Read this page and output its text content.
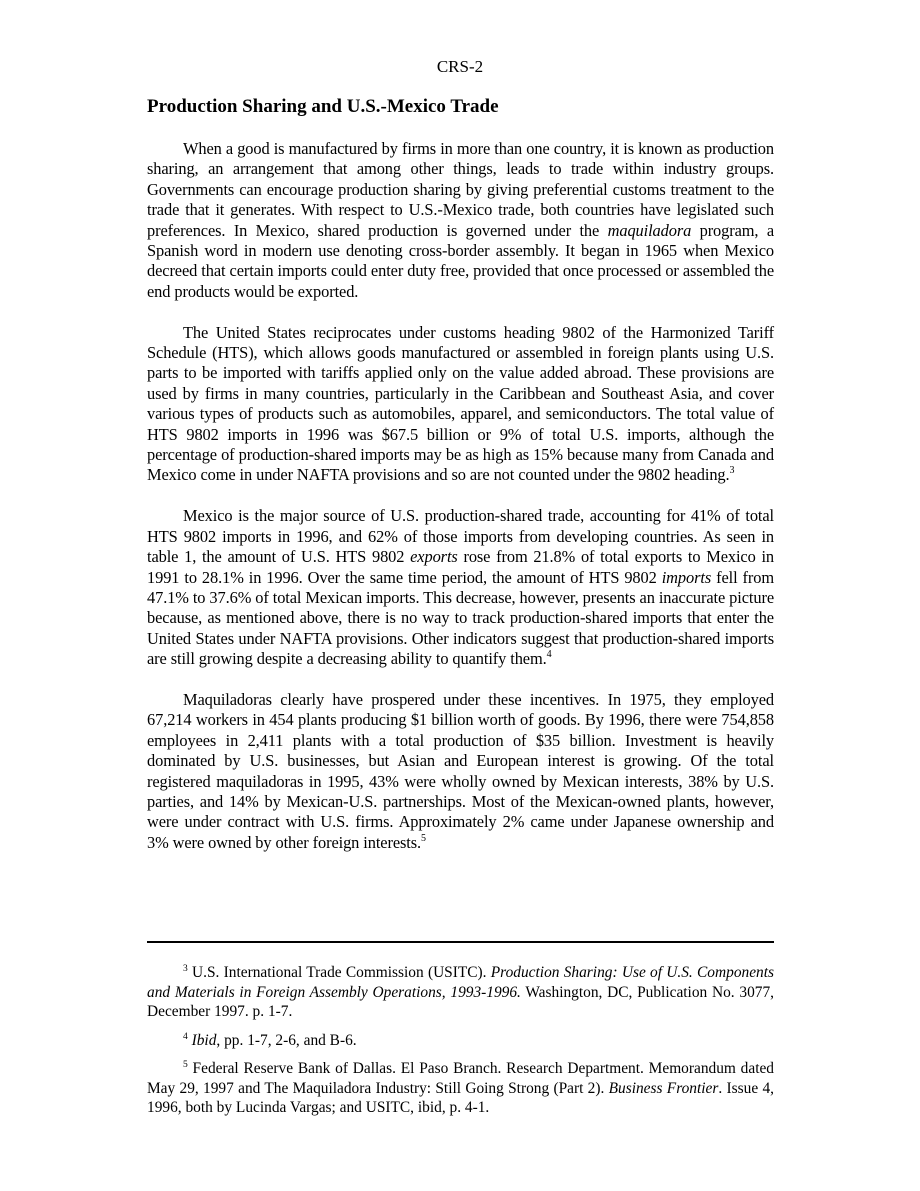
CRS-2
Production Sharing and U.S.-Mexico Trade

When a good is manufactured by firms in more than one country, it is known as production sharing, an arrangement that among other things, leads to trade within industry groups. Governments can encourage production sharing by giving preferential customs treatment to the trade that it generates. With respect to U.S.-Mexico trade, both countries have legislated such preferences. In Mexico, shared production is governed under the maquiladora program, a Spanish word in modern use denoting cross-border assembly. It began in 1965 when Mexico decreed that certain imports could enter duty free, provided that once processed or assembled the end products would be exported.

The United States reciprocates under customs heading 9802 of the Harmonized Tariff Schedule (HTS), which allows goods manufactured or assembled in foreign plants using U.S. parts to be imported with tariffs applied only on the value added abroad. These provisions are used by firms in many countries, particularly in the Caribbean and Southeast Asia, and cover various types of products such as automobiles, apparel, and semiconductors. The total value of HTS 9802 imports in 1996 was $67.5 billion or 9% of total U.S. imports, although the percentage of production-shared imports may be as high as 15% because many from Canada and Mexico come in under NAFTA provisions and so are not counted under the 9802 heading.$^3$

Mexico is the major source of U.S. production-shared trade, accounting for 41% of total HTS 9802 imports in 1996, and 62% of those imports from developing countries. As seen in table 1, the amount of U.S. HTS 9802 exports rose from 21.8% of total exports to Mexico in 1991 to 28.1% in 1996. Over the same time period, the amount of HTS 9802 imports fell from 47.1% to 37.6% of total Mexican imports. This decrease, however, presents an inaccurate picture because, as mentioned above, there is no way to track production-shared imports that enter the United States under NAFTA provisions. Other indicators suggest that production-shared imports are still growing despite a decreasing ability to quantify them.$^4$

Maquiladoras clearly have prospered under these incentives. In 1975, they employed 67,214 workers in 454 plants producing $1 billion worth of goods. By 1996, there were 754,858 employees in 2,411 plants with a total production of $35 billion. Investment is heavily dominated by U.S. businesses, but Asian and European interest is growing. Of the total registered maquiladoras in 1995, 43% were wholly owned by Mexican interests, 38% by U.S. parties, and 14% by Mexican-U.S. partnerships. Most of the Mexican-owned plants, however, were under contract with U.S. firms. Approximately 2% came under Japanese ownership and 3% were owned by other foreign interests.$^5$

$^3$ U.S. International Trade Commission (USITC). Production Sharing: Use of U.S. Components and Materials in Foreign Assembly Operations, 1993-1996. Washington, DC, Publication No. 3077, December 1997. p. 1-7.

$^4$ Ibid, pp. 1-7, 2-6, and B-6.

$^5$ Federal Reserve Bank of Dallas. El Paso Branch. Research Department. Memorandum dated May 29, 1997 and The Maquiladora Industry: Still Going Strong (Part 2). Business Frontier. Issue 4, 1996, both by Lucinda Vargas; and USITC, ibid, p. 4-1.
